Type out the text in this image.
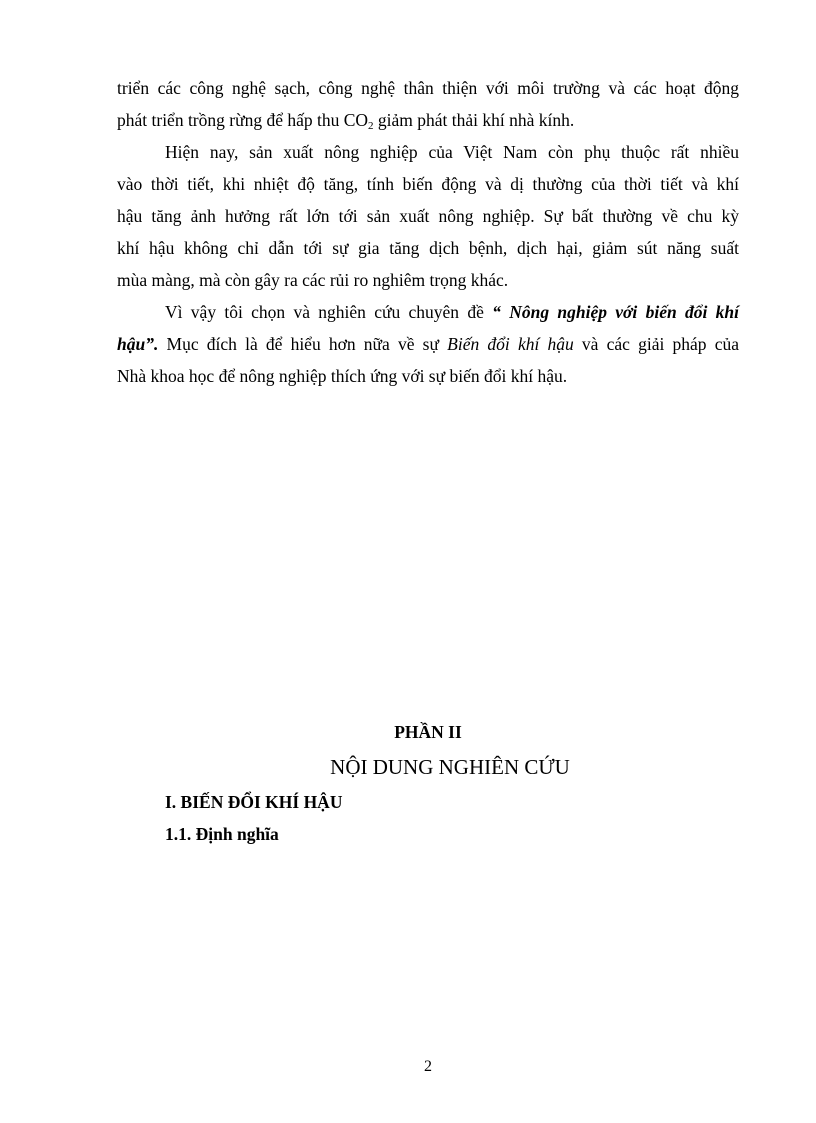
triển các công nghệ sạch, công nghệ thân thiện với môi trường và các hoạt động
phát triển trồng rừng để hấp thu $CO_2$ giảm phát thải khí nhà kính.
Hiện nay, sản xuất nông nghiệp của Việt Nam còn phụ thuộc rất nhiều
vào thời tiết, khi nhiệt độ tăng, tính biến động và dị thường của thời tiết và khí
hậu tăng ảnh hưởng rất lớn tới sản xuất nông nghiệp. Sự bất thường về chu kỳ
khí hậu không chỉ dẫn tới sự gia tăng dịch bệnh, dịch hại, giảm sút năng suất
mùa màng, mà còn gây ra các rủi ro nghiêm trọng khác.
Vì vậy tôi chọn và nghiên cứu chuyên đề “ Nông nghiệp với biến đổi khí
hậu”. Mục đích là để hiểu hơn nữa về sự Biến đổi khí hậu và các giải pháp của
Nhà khoa học để nông nghiệp thích ứng với sự biến đổi khí hậu.
PHẦN II
NỘI DUNG NGHIÊN CỨU
I. BIẾN ĐỔI KHÍ HẬU
1.1. Định nghĩa
2
